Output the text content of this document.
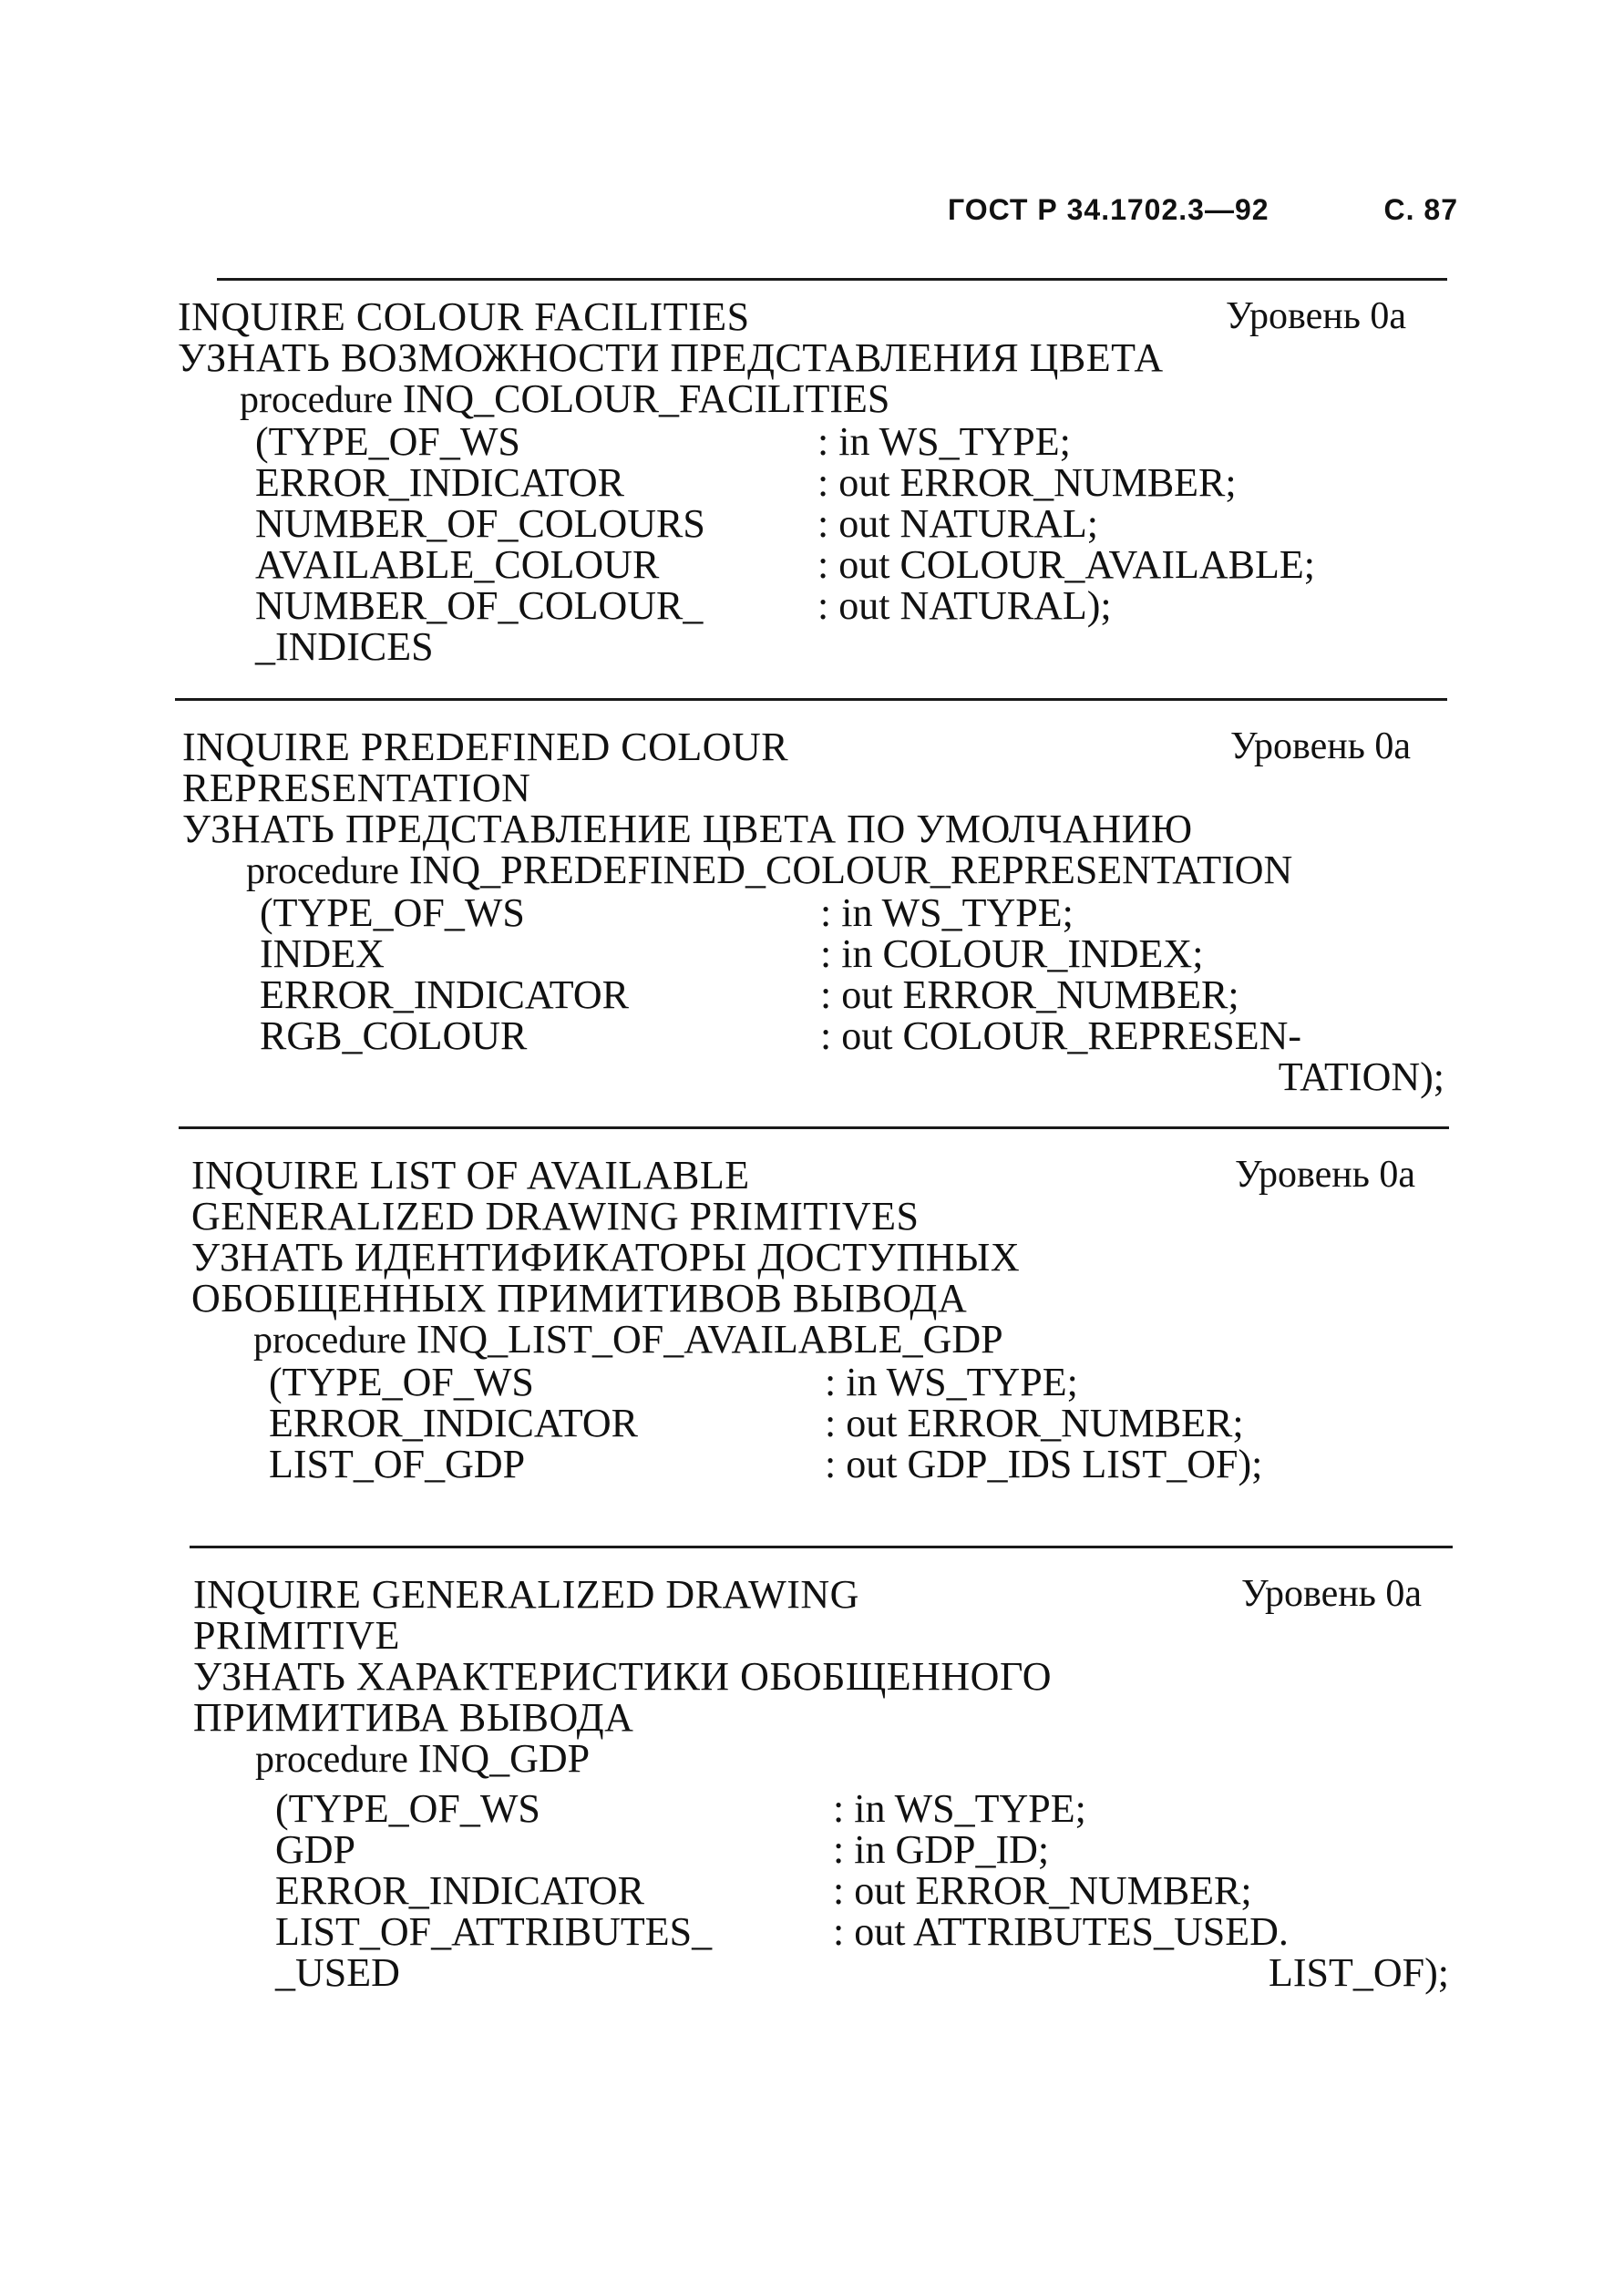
ГОСТ Р 34.1702.3—92	С. 87
INQUIRE COLOUR FACILITIES	Уровень 0а
УЗНАТЬ ВОЗМОЖНОСТИ ПРЕДСТАВЛЕНИЯ ЦВЕТА
procedure INQ_COLOUR_FACILITIES
(TYPE_OF_WS	: in WS_TYPE;
ERROR_INDICATOR	: out ERROR_NUMBER;
NUMBER_OF_COLOURS	: out NATURAL;
AVAILABLE_COLOUR	: out COLOUR_AVAILABLE;
NUMBER_OF_COLOUR_	: out NATURAL);
_INDICES
INQUIRE PREDEFINED COLOUR
REPRESENTATION
Уровень 0а
УЗНАТЬ ПРЕДСТАВЛЕНИЕ ЦВЕТА ПО УМОЛЧАНИЮ
procedure INQ_PREDEFINED_COLOUR_REPRESENTATION
(TYPE_OF_WS	: in WS_TYPE;
INDEX	: in COLOUR_INDEX;
ERROR_INDICATOR	: out ERROR_NUMBER;
RGB_COLOUR	: out COLOUR_REPRESEN-
TATION);
INQUIRE LIST OF AVAILABLE
GENERALIZED DRAWING PRIMITIVES
Уровень 0а
УЗНАТЬ ИДЕНТИФИКАТОРЫ ДОСТУПНЫХ
ОБОБЩЕННЫХ ПРИМИТИВОВ ВЫВОДА
procedure INQ_LIST_OF_AVAILABLE_GDP
(TYPE_OF_WS	: in WS_TYPE;
ERROR_INDICATOR	: out ERROR_NUMBER;
LIST_OF_GDP	: out GDP_IDS LIST_OF);
INQUIRE GENERALIZED DRAWING
PRIMITIVE
Уровень 0а
УЗНАТЬ ХАРАКТЕРИСТИКИ ОБОБЩЕННОГО
ПРИМИТИВА ВЫВОДА
procedure INQ_GDP
(TYPE_OF_WS	: in WS_TYPE;
GDP	: in GDP_ID;
ERROR_INDICATOR	: out ERROR_NUMBER;
LIST_OF_ATTRIBUTES_	: out ATTRIBUTES_USED.
_USED	LIST_OF);
